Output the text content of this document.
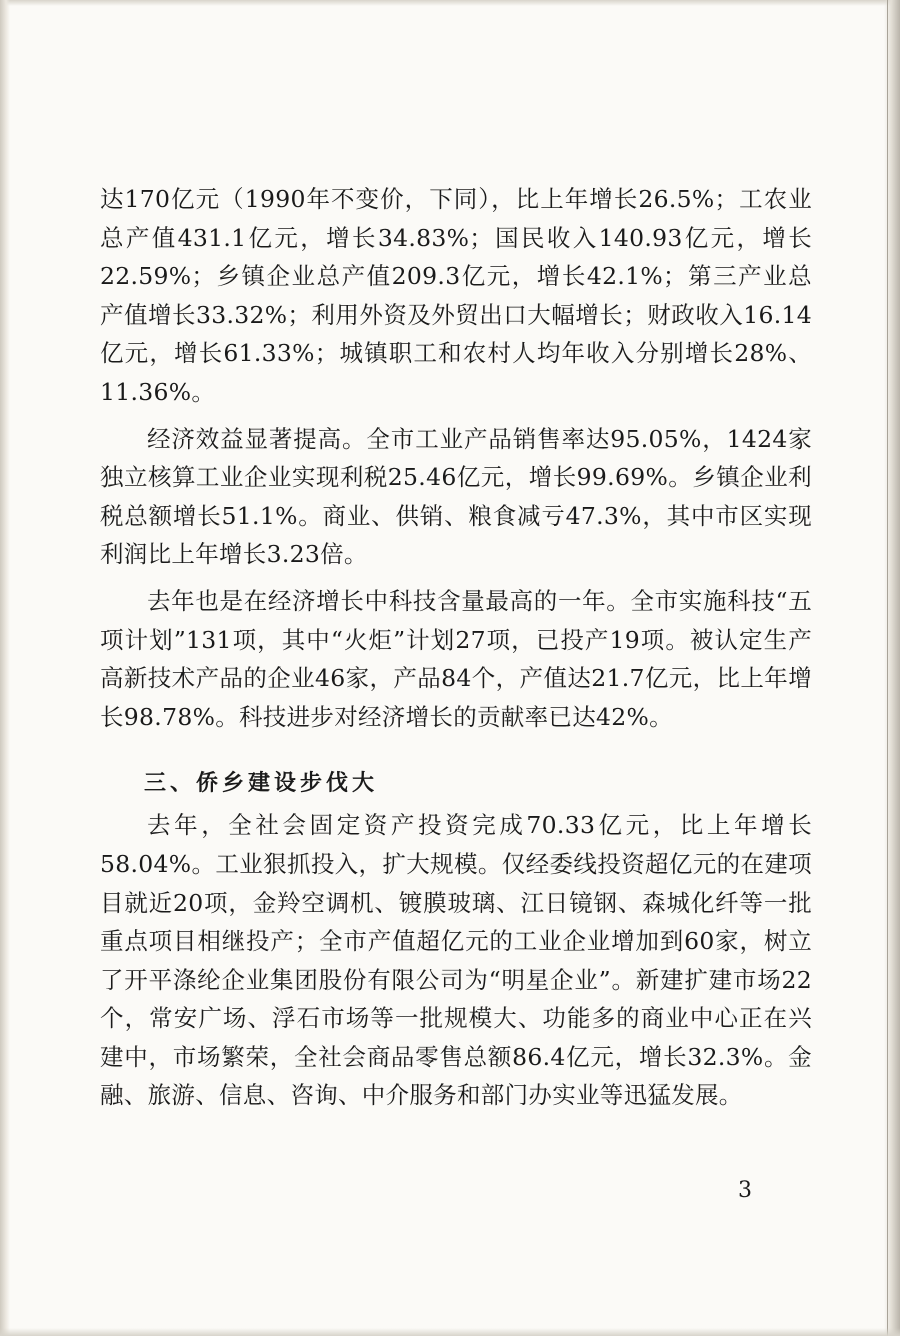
达170亿元（1990年不变价，下同），比上年增长26.5%；工农业总产值431.1亿元，增长34.83%；国民收入140.93亿元，增长22.59%；乡镇企业总产值209.3亿元，增长42.1%；第三产业总产值增长33.32%；利用外资及外贸出口大幅增长；财政收入16.14亿元，增长61.33%；城镇职工和农村人均年收入分别增长28%、11.36%。

经济效益显著提高。全市工业产品销售率达95.05%，1424家独立核算工业企业实现利税25.46亿元，增长99.69%。乡镇企业利税总额增长51.1%。商业、供销、粮食减亏47.3%，其中市区实现利润比上年增长3.23倍。

去年也是在经济增长中科技含量最高的一年。全市实施科技“五项计划”131项，其中“火炬”计划27项，已投产19项。被认定生产高新技术产品的企业46家，产品84个，产值达21.7亿元，比上年增长98.78%。科技进步对经济增长的贡献率已达42%。

三、侨乡建设步伐大

去年，全社会固定资产投资完成70.33亿元，比上年增长58.04%。工业狠抓投入，扩大规模。仅经委线投资超亿元的在建项目就近20项，金羚空调机、镀膜玻璃、江日镜钢、森城化纤等一批重点项目相继投产；全市产值超亿元的工业企业增加到60家，树立了开平涤纶企业集团股份有限公司为“明星企业”。新建扩建市场22个，常安广场、浮石市场等一批规模大、功能多的商业中心正在兴建中，市场繁荣，全社会商品零售总额86.4亿元，增长32.3%。金融、旅游、信息、咨询、中介服务和部门办实业等迅猛发展。

3
